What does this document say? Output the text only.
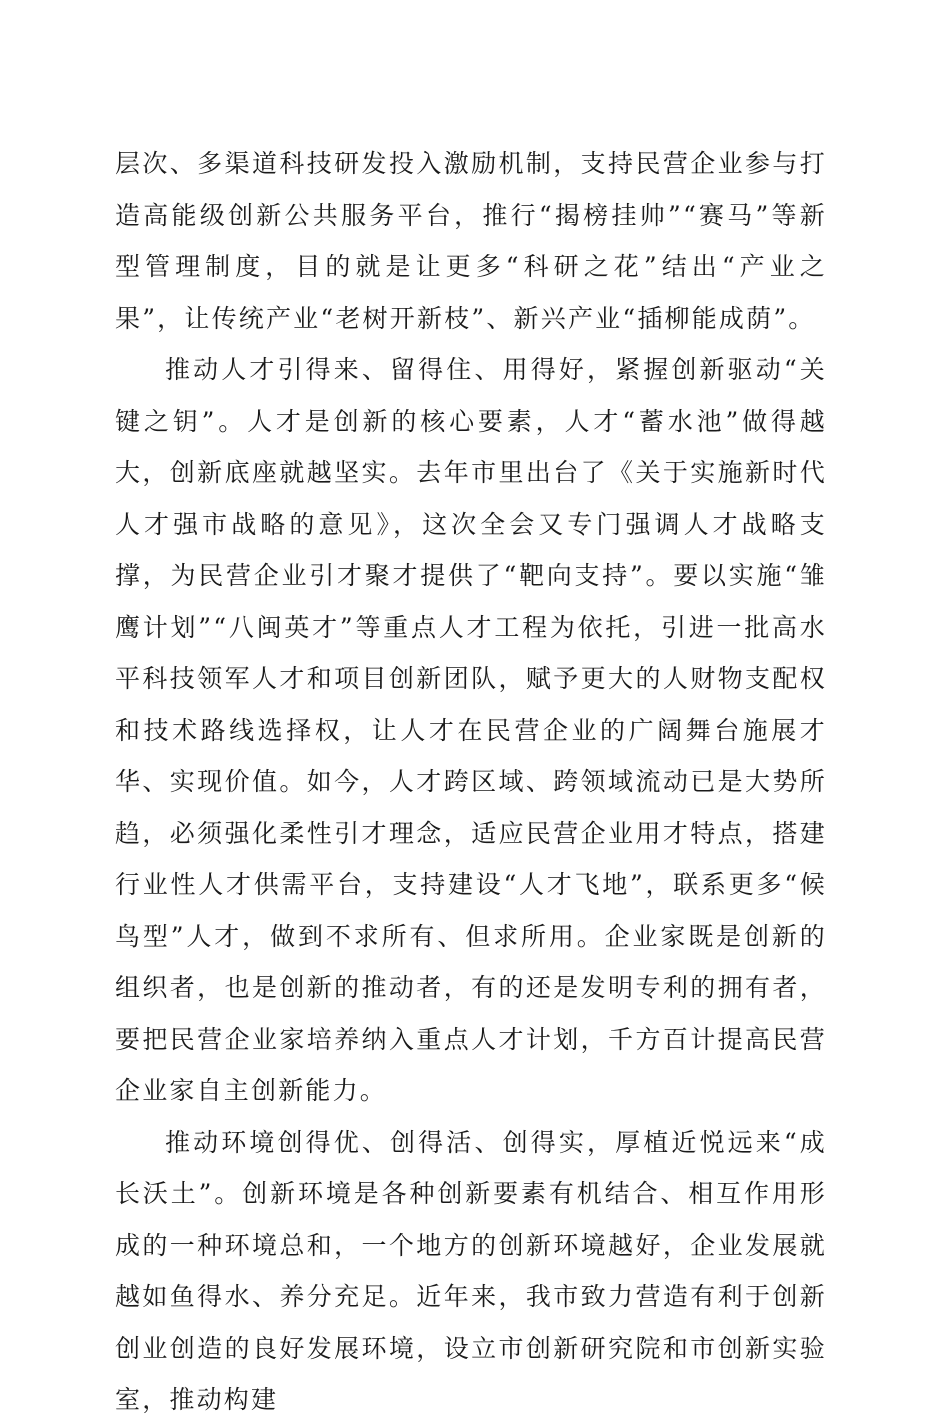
层次、多渠道科技研发投入激励机制，支持民营企业参与打造高能级创新公共服务平台，推行“揭榜挂帅”“赛马”等新型管理制度，目的就是让更多“科研之花”结出“产业之果”，让传统产业“老树开新枝”、新兴产业“插柳能成荫”。

推动人才引得来、留得住、用得好，紧握创新驱动“关键之钥”。人才是创新的核心要素，人才“蓄水池”做得越大，创新底座就越坚实。去年市里出台了《关于实施新时代人才强市战略的意见》，这次全会又专门强调人才战略支撑，为民营企业引才聚才提供了“靶向支持”。要以实施“雏鹰计划”“八闽英才”等重点人才工程为依托，引进一批高水平科技领军人才和项目创新团队，赋予更大的人财物支配权和技术路线选择权，让人才在民营企业的广阔舞台施展才华、实现价值。如今，人才跨区域、跨领域流动已是大势所趋，必须强化柔性引才理念，适应民营企业用才特点，搭建行业性人才供需平台，支持建设“人才飞地”，联系更多“候鸟型”人才，做到不求所有、但求所用。企业家既是创新的组织者，也是创新的推动者，有的还是发明专利的拥有者，要把民营企业家培养纳入重点人才计划，千方百计提高民营企业家自主创新能力。

推动环境创得优、创得活、创得实，厚植近悦远来“成长沃土”。创新环境是各种创新要素有机结合、相互作用形成的一种环境总和，一个地方的创新环境越好，企业发展就越如鱼得水、养分充足。近年来，我市致力营造有利于创新创业创造的良好发展环境，设立市创新研究院和市创新实验室，推动构建
